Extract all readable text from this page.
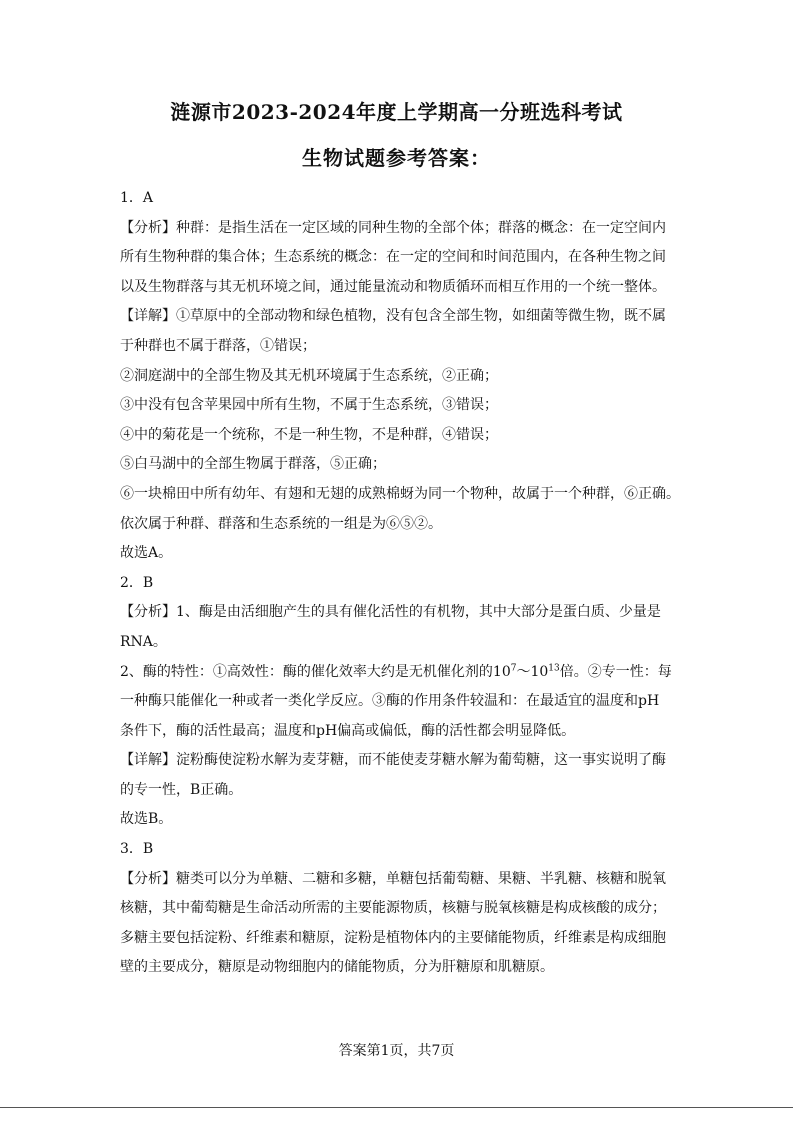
涟源市2023-2024年度上学期高一分班选科考试
生物试题参考答案：
1．A
【分析】种群：是指生活在一定区域的同种生物的全部个体；群落的概念：在一定空间内
所有生物种群的集合体；生态系统的概念：在一定的空间和时间范围内，在各种生物之间
以及生物群落与其无机环境之间，通过能量流动和物质循环而相互作用的一个统一整体。
【详解】①草原中的全部动物和绿色植物，没有包含全部生物，如细菌等微生物，既不属
于种群也不属于群落，①错误；
②洞庭湖中的全部生物及其无机环境属于生态系统，②正确；
③中没有包含苹果园中所有生物，不属于生态系统，③错误；
④中的菊花是一个统称，不是一种生物，不是种群，④错误；
⑤白马湖中的全部生物属于群落，⑤正确；
⑥一块棉田中所有幼年、有翅和无翅的成熟棉蚜为同一个物种，故属于一个种群，⑥正确。
依次属于种群、群落和生态系统的一组是为⑥⑤②。
故选A。
2．B
【分析】1、酶是由活细胞产生的具有催化活性的有机物，其中大部分是蛋白质、少量是
RNA。
2、酶的特性：①高效性：酶的催化效率大约是无机催化剂的$10^7\sim 10^{13}$倍。②专一性：每
一种酶只能催化一种或者一类化学反应。③酶的作用条件较温和：在最适宜的温度和pH
条件下，酶的活性最高；温度和pH偏高或偏低，酶的活性都会明显降低。
【详解】淀粉酶使淀粉水解为麦芽糖，而不能使麦芽糖水解为葡萄糖，这一事实说明了酶
的专一性，B正确。
故选B。
3．B
【分析】糖类可以分为单糖、二糖和多糖，单糖包括葡萄糖、果糖、半乳糖、核糖和脱氧
核糖，其中葡萄糖是生命活动所需的主要能源物质，核糖与脱氧核糖是构成核酸的成分；
多糖主要包括淀粉、纤维素和糖原，淀粉是植物体内的主要储能物质，纤维素是构成细胞
壁的主要成分，糖原是动物细胞内的储能物质，分为肝糖原和肌糖原。
答案第1页，共7页
